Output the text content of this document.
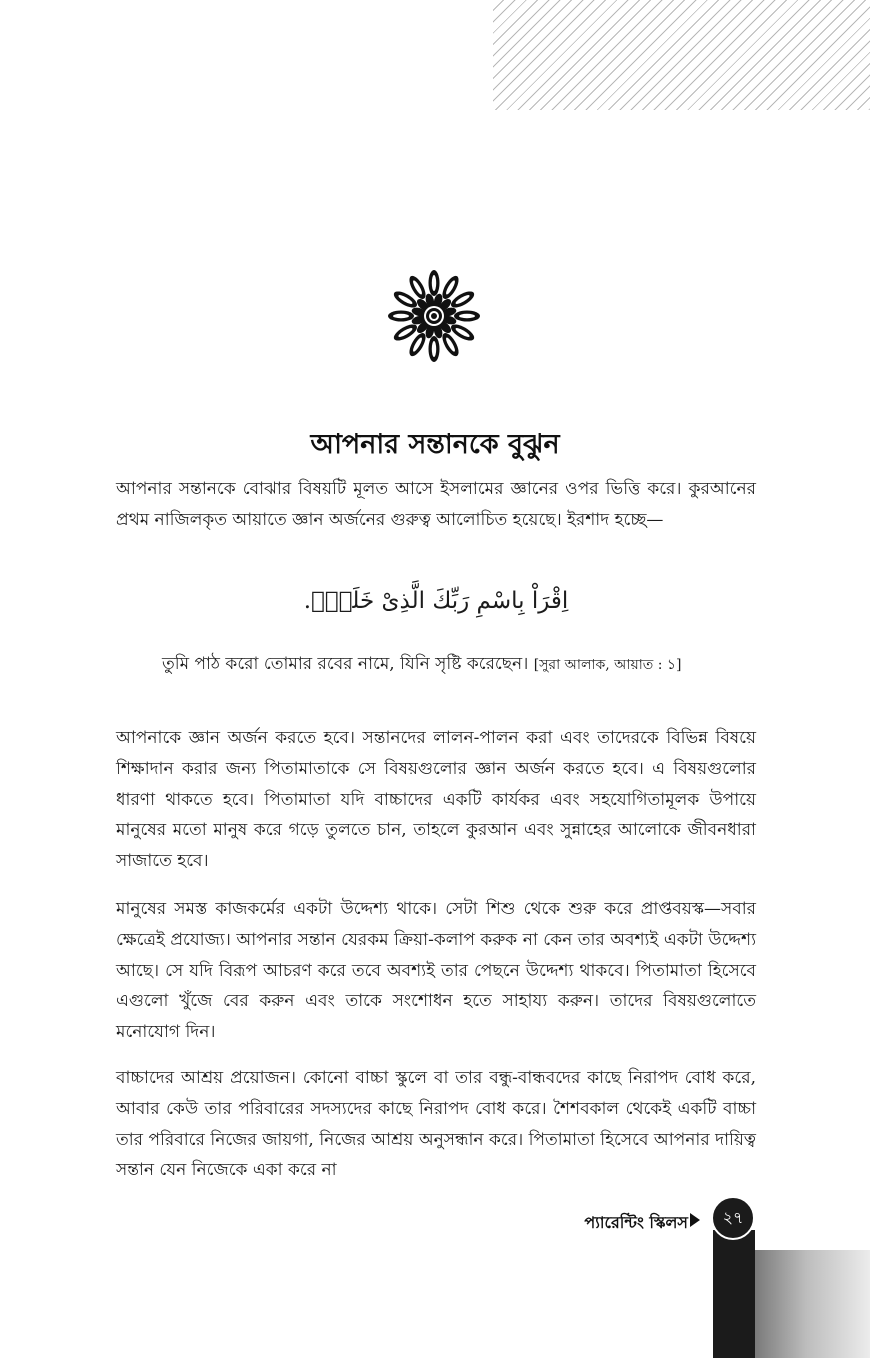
আপনার সন্তানকে বুঝুন

আপনার সন্তানকে বোঝার বিষয়টি মূলত আসে ইসলামের জ্ঞানের ওপর ভিত্তি করে। কুরআনের প্রথম নাজিলকৃত আয়াতে জ্ঞান অর্জনের গুরুত্ব আলোচিত হয়েছে। ইরশাদ হচ্ছে—

اِقْرَاْ بِاسْمِ رَبِّكَ الَّذِیْ خَلَقَۚ.

তুমি পাঠ করো তোমার রবের নামে, যিনি সৃষ্টি করেছেন। [সুরা আলাক, আয়াত : ১]

আপনাকে জ্ঞান অর্জন করতে হবে। সন্তানদের লালন-পালন করা এবং তাদেরকে বিভিন্ন বিষয়ে শিক্ষাদান করার জন্য পিতামাতাকে সে বিষয়গুলোর জ্ঞান অর্জন করতে হবে। এ বিষয়গুলোর ধারণা থাকতে হবে। পিতামাতা যদি বাচ্চাদের একটি কার্যকর এবং সহযোগিতামূলক উপায়ে মানুষের মতো মানুষ করে গড়ে তুলতে চান, তাহলে কুরআন এবং সুন্নাহের আলোকে জীবনধারা সাজাতে হবে।

মানুষের সমস্ত কাজকর্মের একটা উদ্দেশ্য থাকে। সেটা শিশু থেকে শুরু করে প্রাপ্তবয়স্ক—সবার ক্ষেত্রেই প্রযোজ্য। আপনার সন্তান যেরকম ক্রিয়া-কলাপ করুক না কেন তার অবশ্যই একটা উদ্দেশ্য আছে। সে যদি বিরূপ আচরণ করে তবে অবশ্যই তার পেছনে উদ্দেশ্য থাকবে। পিতামাতা হিসেবে এগুলো খুঁজে বের করুন এবং তাকে সংশোধন হতে সাহায্য করুন। তাদের বিষয়গুলোতে মনোযোগ দিন।

বাচ্চাদের আশ্রয় প্রয়োজন। কোনো বাচ্চা স্কুলে বা তার বন্ধু-বান্ধবদের কাছে নিরাপদ বোধ করে, আবার কেউ তার পরিবারের সদস্যদের কাছে নিরাপদ বোধ করে। শৈশবকাল থেকেই একটি বাচ্চা তার পরিবারে নিজের জায়গা, নিজের আশ্রয় অনুসন্ধান করে। পিতামাতা হিসেবে আপনার দায়িত্ব সন্তান যেন নিজেকে একা করে না

প্যারেন্টিং স্কিলস	২৭
